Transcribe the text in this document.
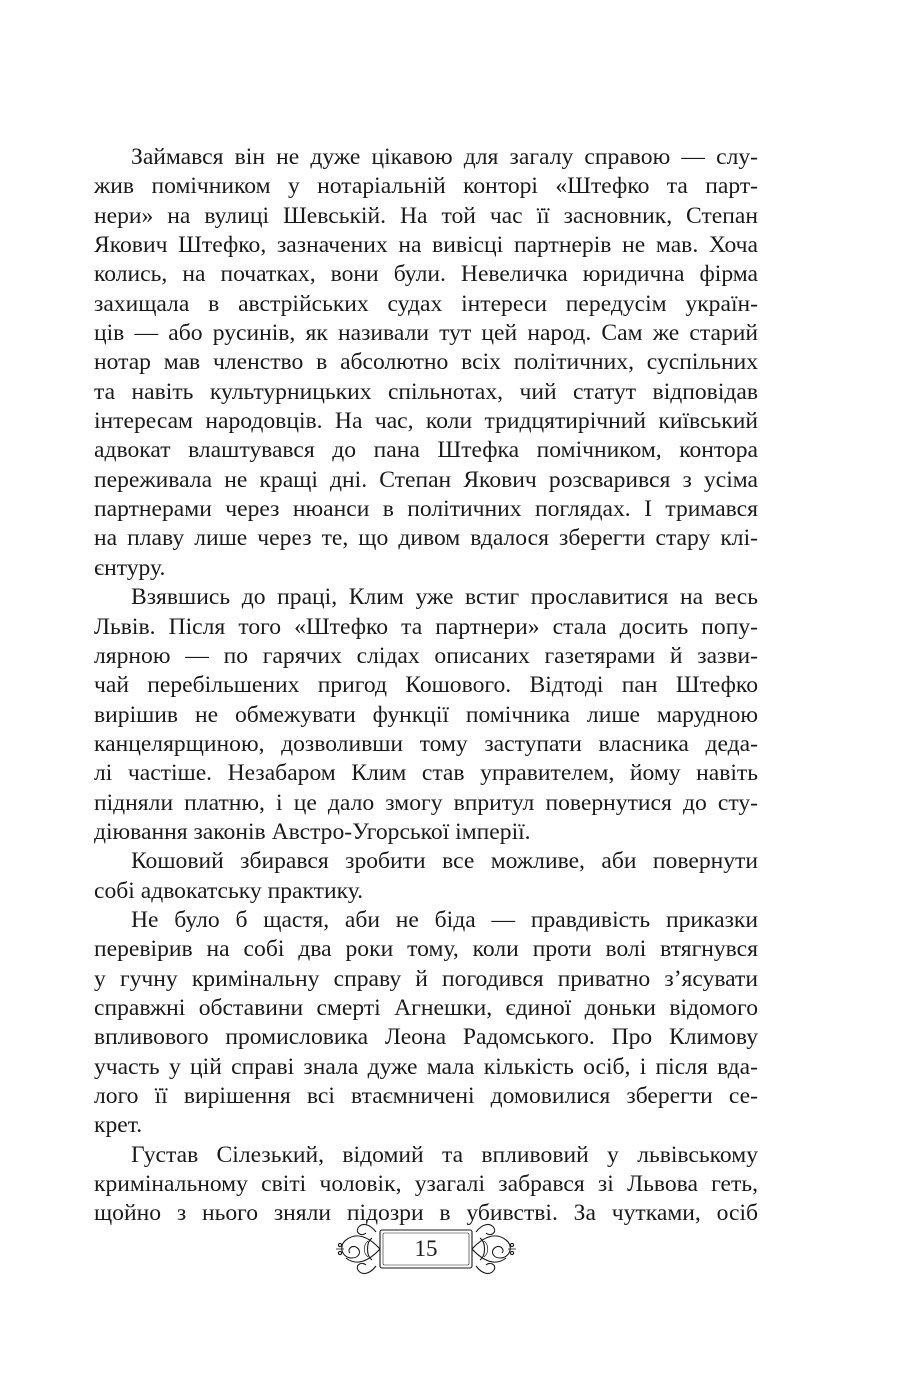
Займався він не дуже цікавою для загалу справою — слу-
жив помічником у нотаріальній конторі «Штефко та парт-
нери» на вулиці Шевській. На той час її засновник, Степан
Якович Штефко, зазначених на вивісці партнерів не мав. Хоча
колись, на початках, вони були. Невеличка юридична фірма
захищала в австрійських судах інтереси передусім україн-
ців — або русинів, як називали тут цей народ. Сам же старий
нотар мав членство в абсолютно всіх політичних, суспільних
та навіть культурницьких спільнотах, чий статут відповідав
інтересам народовців. На час, коли тридцятирічний київський
адвокат влаштувався до пана Штефка помічником, контора
переживала не кращі дні. Степан Якович розсварився з усіма
партнерами через нюанси в політичних поглядах. І тримався
на плаву лише через те, що дивом вдалося зберегти стару клі-
єнтуру.
Взявшись до праці, Клим уже встиг прославитися на весь
Львів. Після того «Штефко та партнери» стала досить попу-
лярною — по гарячих слідах описаних газетярами й зазви-
чай перебільшених пригод Кошового. Відтоді пан Штефко
вирішив не обмежувати функції помічника лише марудною
канцелярщиною, дозволивши тому заступати власника деда-
лі частіше. Незабаром Клим став управителем, йому навіть
підняли платню, і це дало змогу впритул повернутися до сту-
діювання законів Австро-Угорської імперії.
Кошовий збирався зробити все можливе, аби повернути
собі адвокатську практику.
Не було б щастя, аби не біда — правдивість приказки
перевірив на собі два роки тому, коли проти волі втягнувся
у гучну кримінальну справу й погодився приватно з’ясувати
справжні обставини смерті Агнешки, єдиної доньки відомого
впливового промисловика Леона Радомського. Про Климову
участь у цій справі знала дуже мала кількість осіб, і після вда-
лого її вирішення всі втаємничені домовилися зберегти се-
крет.
Густав Сілезький, відомий та впливовий у львівському
кримінальному світі чоловік, узагалі забрався зі Львова геть,
щойно з нього зняли підозри в убивстві. За чутками, осіб
15
